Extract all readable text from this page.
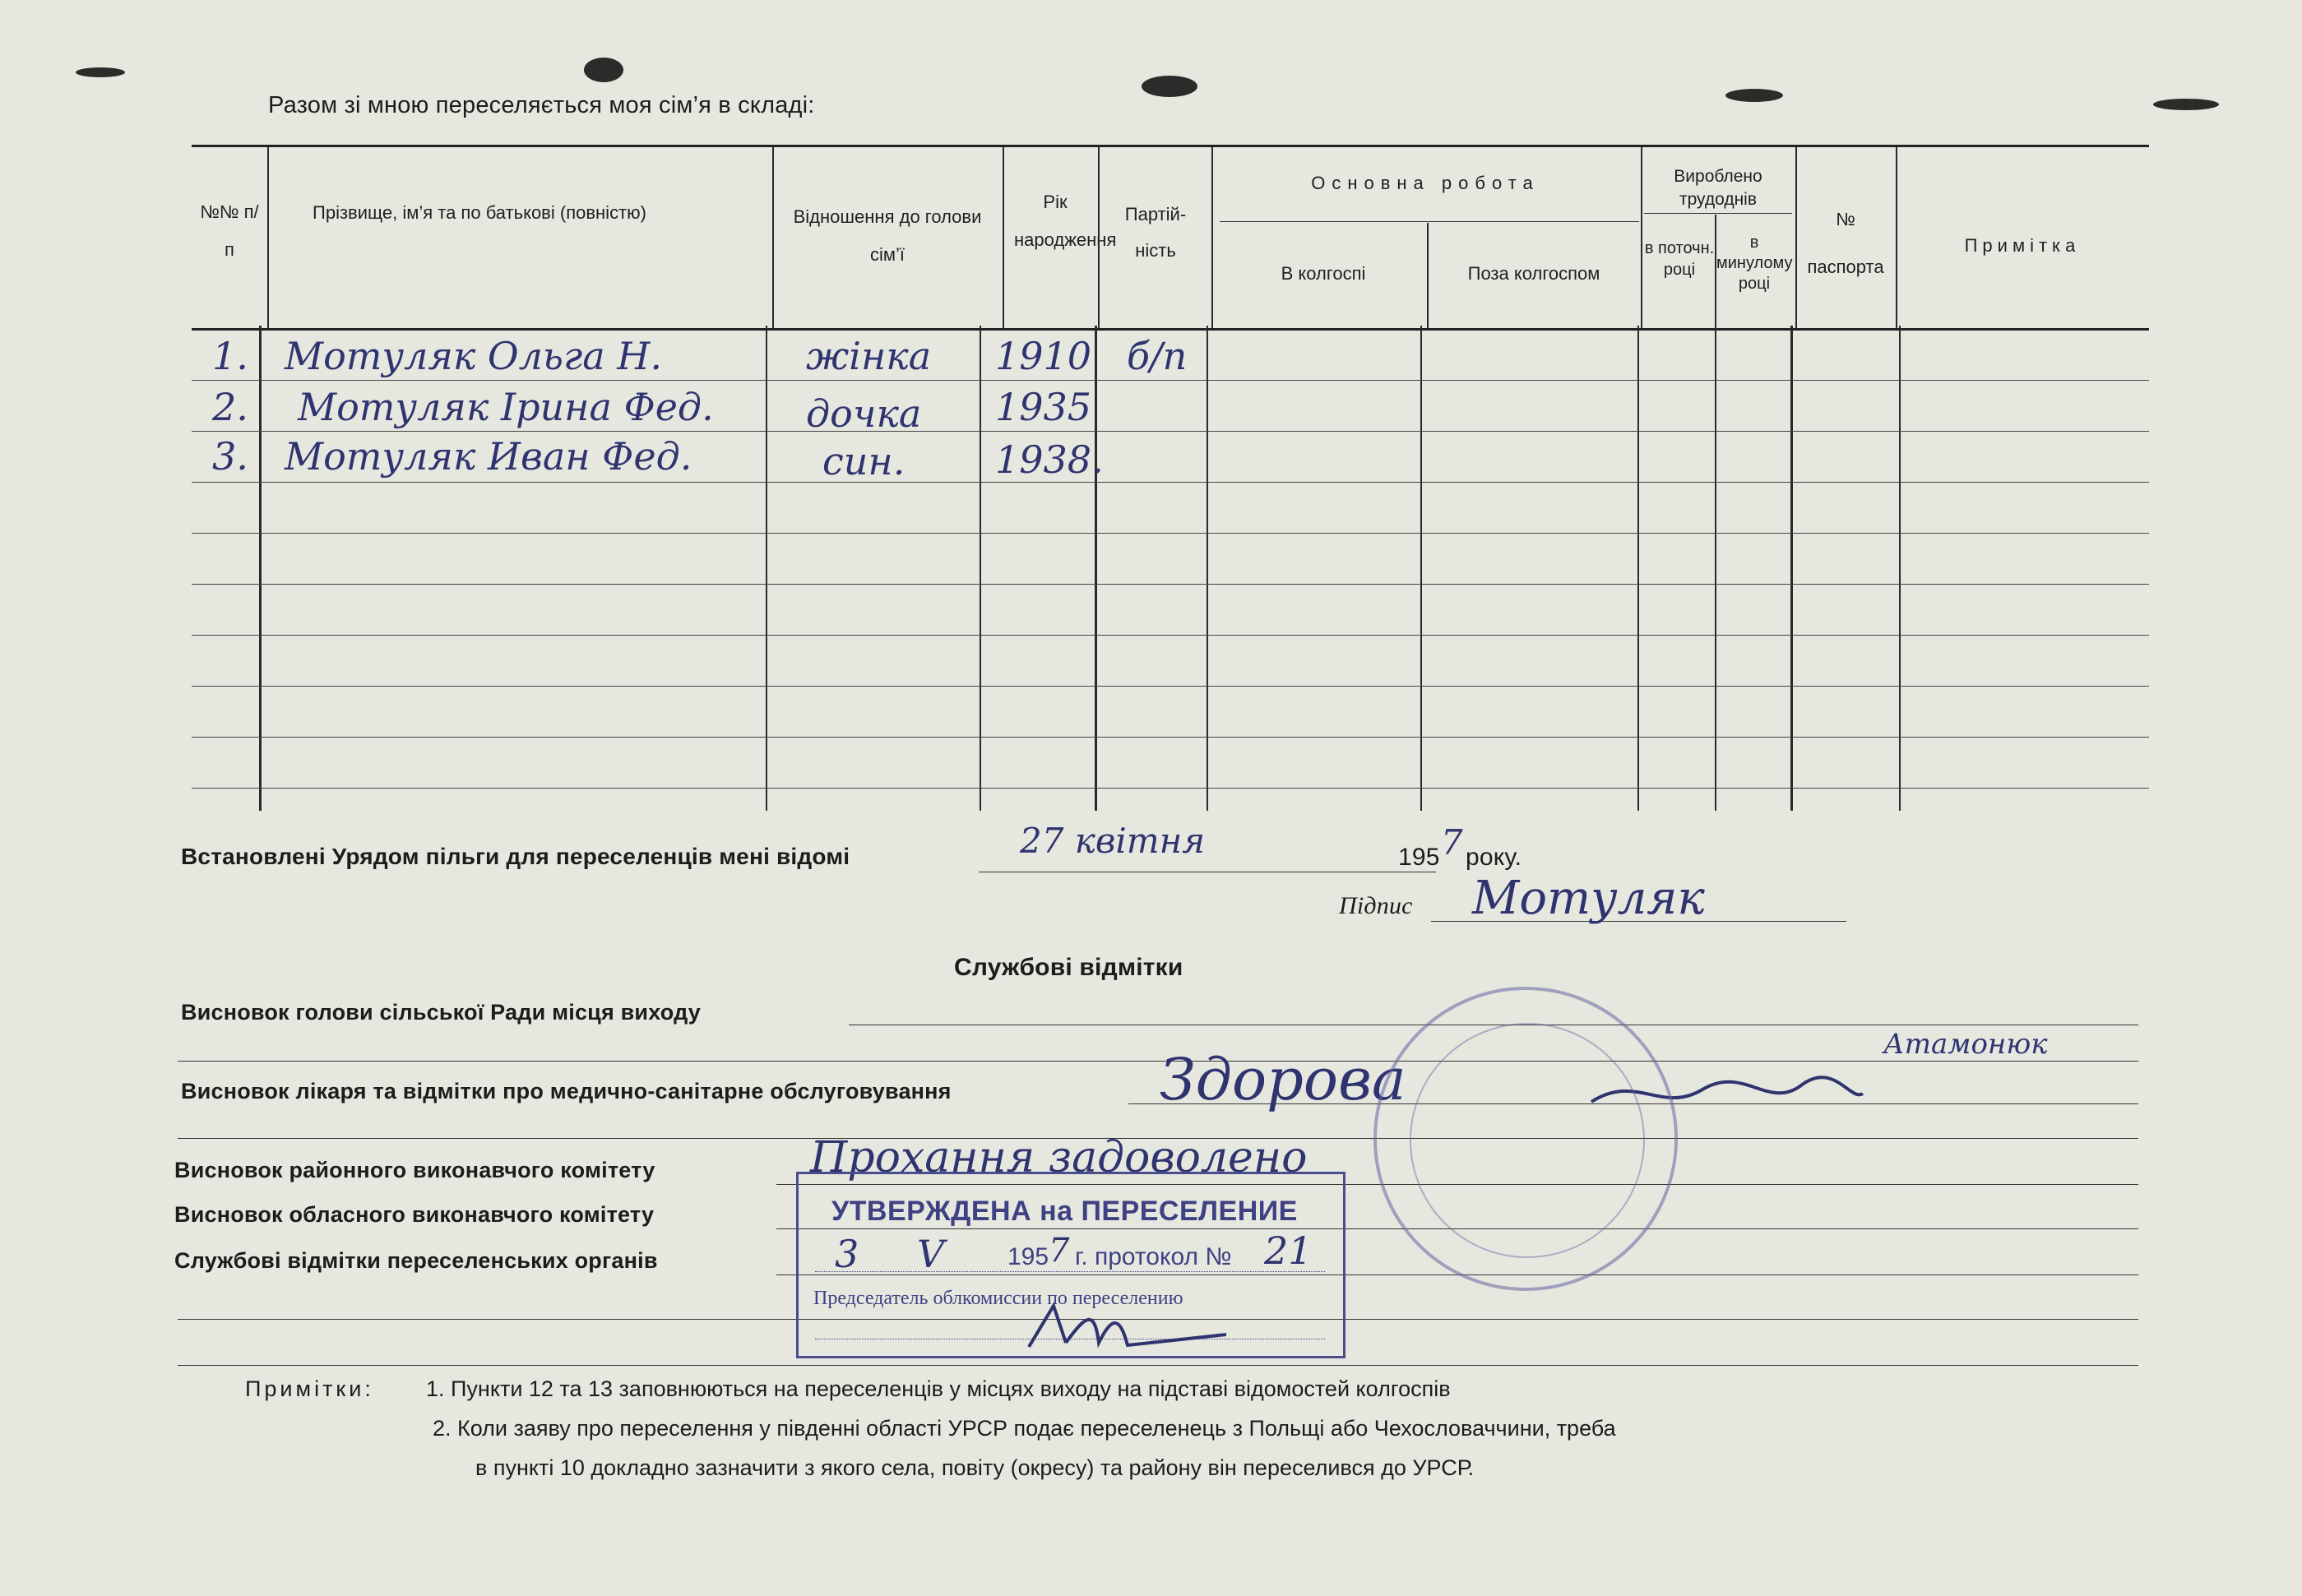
Разом зі мною переселяється моя сім’я в складі:
№№ п/п
Прізвище, ім’я та по батькові (повністю)	Відношення до голови сім’ї
Рік народження
Партій-ність
Основна робота
В колгоспі	Поза колгоспом
Вироблено трудоднів
в поточн. році
в минулому році
№
паспорта
Примітка
1. Мотуляк Ольга Н.	жінка 1910 б/п
2. Мотуляк Ірина Фед. дочка 1935
3. Мотуляк Иван Фед.	син. 1938.
Встановлені Урядом пільги для переселенців мені відомі	27 квітня	195 7 року.
Підпис Мотуляк
Службові відмітки
Висновок голови сільської Ради місця виходу
Висновок лікаря та відмітки про медично-санітарне обслуговування	Здорова
Атамонюк
Висновок районного виконавчого комітету	Прохання задоволено
Висновок обласного виконавчого комітету
Службові відмітки переселенських органів
УТВЕРЖДЕНА на ПЕРЕСЕЛЕНИЕ
3 V	195 7 г. протокол № 21
Председатель облкомиссии по переселению
Примітки: 1. Пункти 12 та 13 заповнюються на переселенців у місцях виходу на підставі відомостей колгоспів
2. Коли заяву про переселення у південні області УРСР подає переселенець з Польщі або Чехословаччини, треба
в пункті 10 докладно зазначити з якого села, повіту (окресу) та району він переселився до УРСР.
